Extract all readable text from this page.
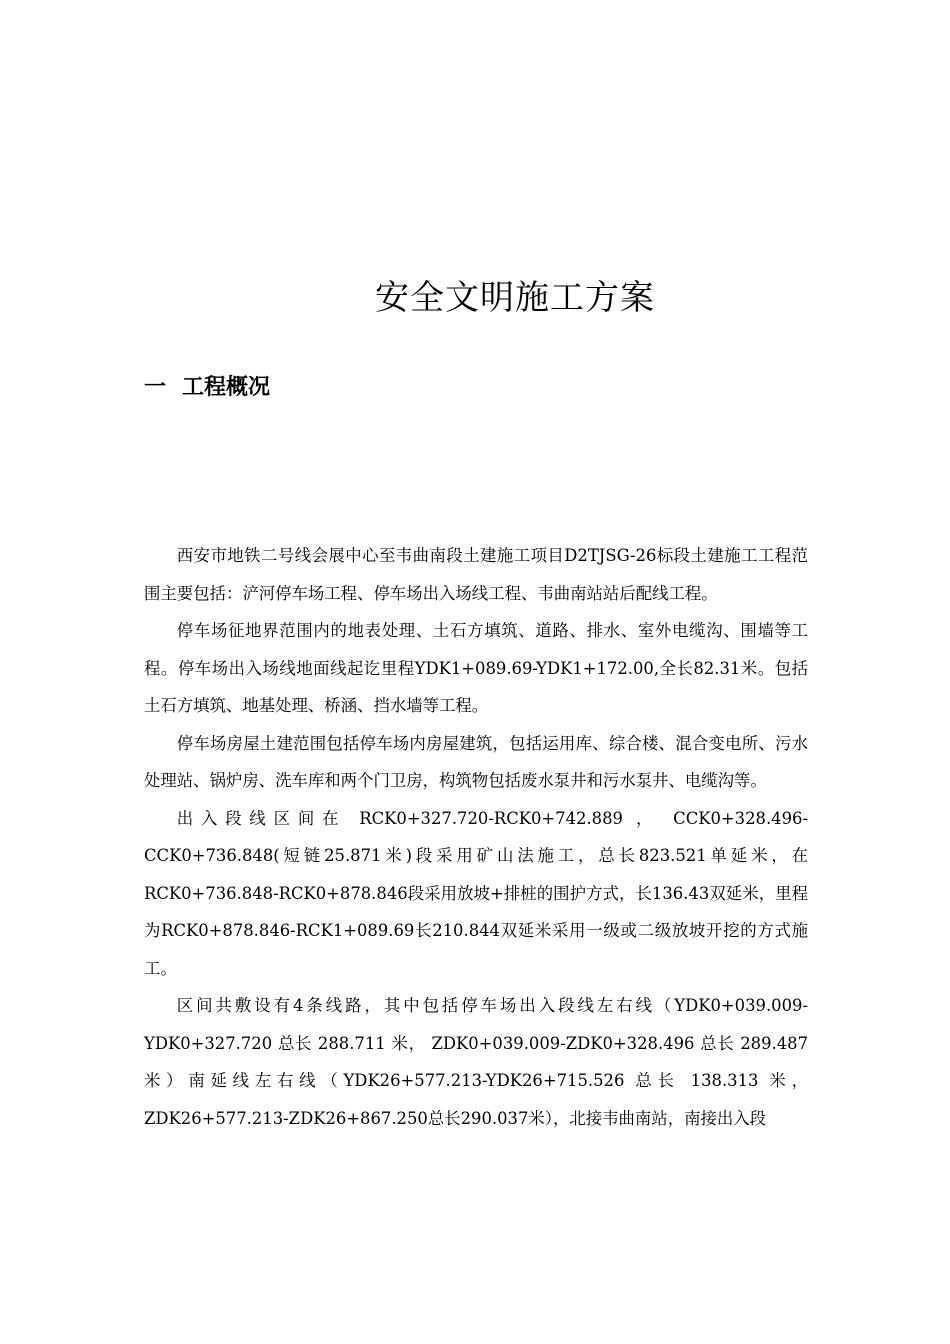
安全文明施工方案
一 工程概况

西安市地铁二号线会展中心至韦曲南段土建施工项目D2TJSG-26标段土建施工工程范围主要包括：浐河停车场工程、停车场出入场线工程、韦曲南站站后配线工程。

停车场征地界范围内的地表处理、土石方填筑、道路、排水、室外电缆沟、围墙等工程。停车场出入场线地面线起讫里程YDK1+089.69-YDK1+172.00,全长82.31米。包括土石方填筑、地基处理、桥涵、挡水墙等工程。

停车场房屋土建范围包括停车场内房屋建筑，包括运用库、综合楼、混合变电所、污水处理站、锅炉房、洗车库和两个门卫房，构筑物包括废水泵井和污水泵井、电缆沟等。

出入段线区间在 RCK0+327.720-RCK0+742.889 ， CCK0+328.496-CCK0+736.848(短链25.871米)段采用矿山法施工，总长823.521单延米，在RCK0+736.848-RCK0+878.846段采用放坡+排桩的围护方式，长136.43双延米，里程为RCK0+878.846-RCK1+089.69长210.844双延米采用一级或二级放坡开挖的方式施工。

区间共敷设有4条线路，其中包括停车场出入段线左右线（YDK0+039.009-YDK0+327.720 总长 288.711 米， ZDK0+039.009-ZDK0+328.496 总长 289.487 米）南延线左右线（YDK26+577.213-YDK26+715.526 总长 138.313 米，ZDK26+577.213-ZDK26+867.250总长290.037米），北接韦曲南站，南接出入段
